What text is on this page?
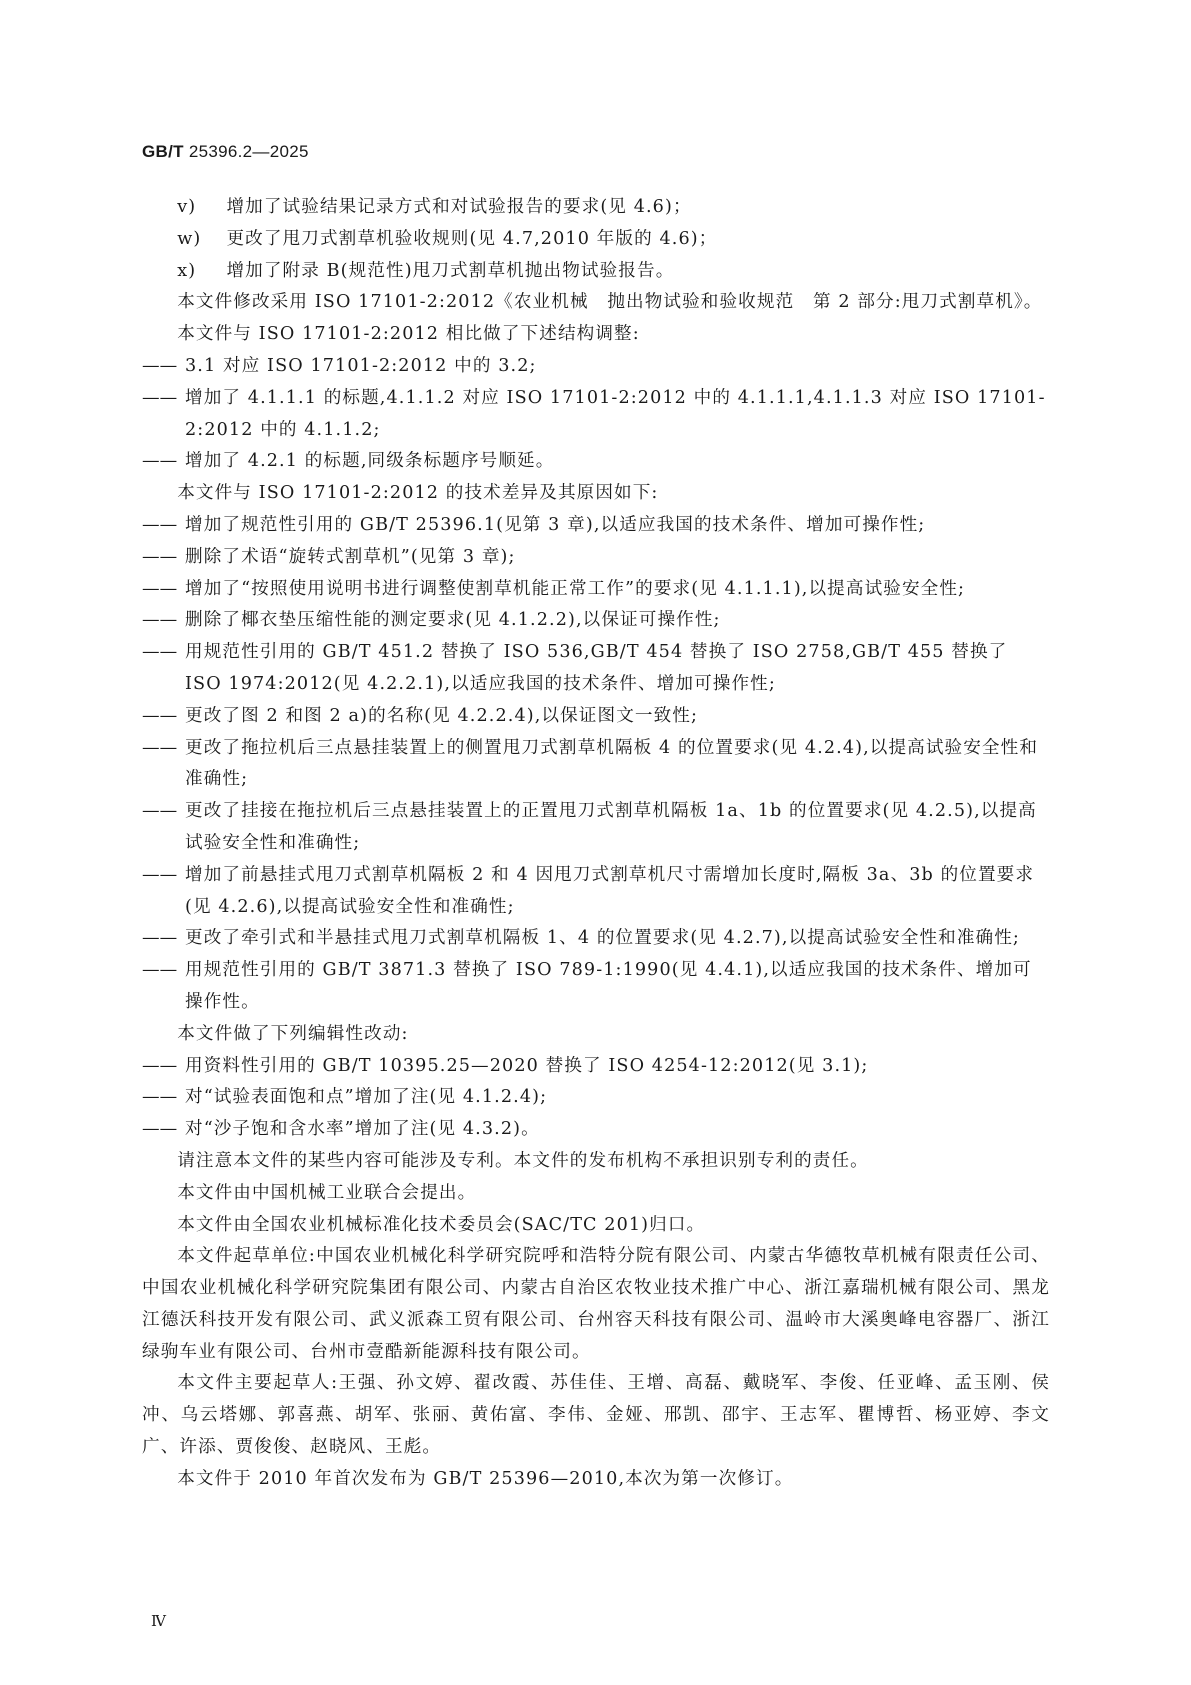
GB/T 25396.2—2025

v) 增加了试验结果记录方式和对试验报告的要求(见 4.6)；

w) 更改了甩刀式割草机验收规则(见 4.7,2010 年版的 4.6)；

x) 增加了附录 B(规范性)甩刀式割草机抛出物试验报告。

本文件修改采用 ISO 17101-2:2012《农业机械　抛出物试验和验收规范　第 2 部分:甩刀式割草机》。

本文件与 ISO 17101-2:2012 相比做了下述结构调整:

—— 3.1 对应 ISO 17101-2:2012 中的 3.2;
—— 增加了 4.1.1.1 的标题,4.1.1.2 对应 ISO 17101-2:2012 中的 4.1.1.1,4.1.1.3 对应 ISO 17101-2:2012 中的 4.1.1.2;
—— 增加了 4.2.1 的标题,同级条标题序号顺延。

本文件与 ISO 17101-2:2012 的技术差异及其原因如下:

—— 增加了规范性引用的 GB/T 25396.1(见第 3 章),以适应我国的技术条件、增加可操作性;
—— 删除了术语“旋转式割草机”(见第 3 章);
—— 增加了“按照使用说明书进行调整使割草机能正常工作”的要求(见 4.1.1.1),以提高试验安全性;
—— 删除了椰衣垫压缩性能的测定要求(见 4.1.2.2),以保证可操作性;
—— 用规范性引用的 GB/T 451.2 替换了 ISO 536,GB/T 454 替换了 ISO 2758,GB/T 455 替换了 ISO 1974:2012(见 4.2.2.1),以适应我国的技术条件、增加可操作性;
—— 更改了图 2 和图 2 a)的名称(见 4.2.2.4),以保证图文一致性;
—— 更改了拖拉机后三点悬挂装置上的侧置甩刀式割草机隔板 4 的位置要求(见 4.2.4),以提高试验安全性和准确性;
—— 更改了挂接在拖拉机后三点悬挂装置上的正置甩刀式割草机隔板 1a、1b 的位置要求(见 4.2.5),以提高试验安全性和准确性;
—— 增加了前悬挂式甩刀式割草机隔板 2 和 4 因甩刀式割草机尺寸需增加长度时,隔板 3a、3b 的位置要求(见 4.2.6),以提高试验安全性和准确性;
—— 更改了牵引式和半悬挂式甩刀式割草机隔板 1、4 的位置要求(见 4.2.7),以提高试验安全性和准确性;
—— 用规范性引用的 GB/T 3871.3 替换了 ISO 789-1:1990(见 4.4.1),以适应我国的技术条件、增加可操作性。

本文件做了下列编辑性改动:

—— 用资料性引用的 GB/T 10395.25—2020 替换了 ISO 4254-12:2012(见 3.1);
—— 对“试验表面饱和点”增加了注(见 4.1.2.4);
—— 对“沙子饱和含水率”增加了注(见 4.3.2)。

请注意本文件的某些内容可能涉及专利。本文件的发布机构不承担识别专利的责任。

本文件由中国机械工业联合会提出。

本文件由全国农业机械标准化技术委员会(SAC/TC 201)归口。

本文件起草单位:中国农业机械化科学研究院呼和浩特分院有限公司、内蒙古华德牧草机械有限责任公司、中国农业机械化科学研究院集团有限公司、内蒙古自治区农牧业技术推广中心、浙江嘉瑞机械有限公司、黑龙江德沃科技开发有限公司、武义派森工贸有限公司、台州容天科技有限公司、温岭市大溪奥峰电容器厂、浙江绿驹车业有限公司、台州市壹酷新能源科技有限公司。

本文件主要起草人:王强、孙文婷、翟改霞、苏佳佳、王增、高磊、戴晓军、李俊、任亚峰、孟玉刚、侯冲、乌云塔娜、郭喜燕、胡军、张丽、黄佑富、李伟、金娅、邢凯、邵宇、王志军、瞿博哲、杨亚婷、李文广、许添、贾俊俊、赵晓风、王彪。

本文件于 2010 年首次发布为 GB/T 25396—2010,本次为第一次修订。

Ⅳ
